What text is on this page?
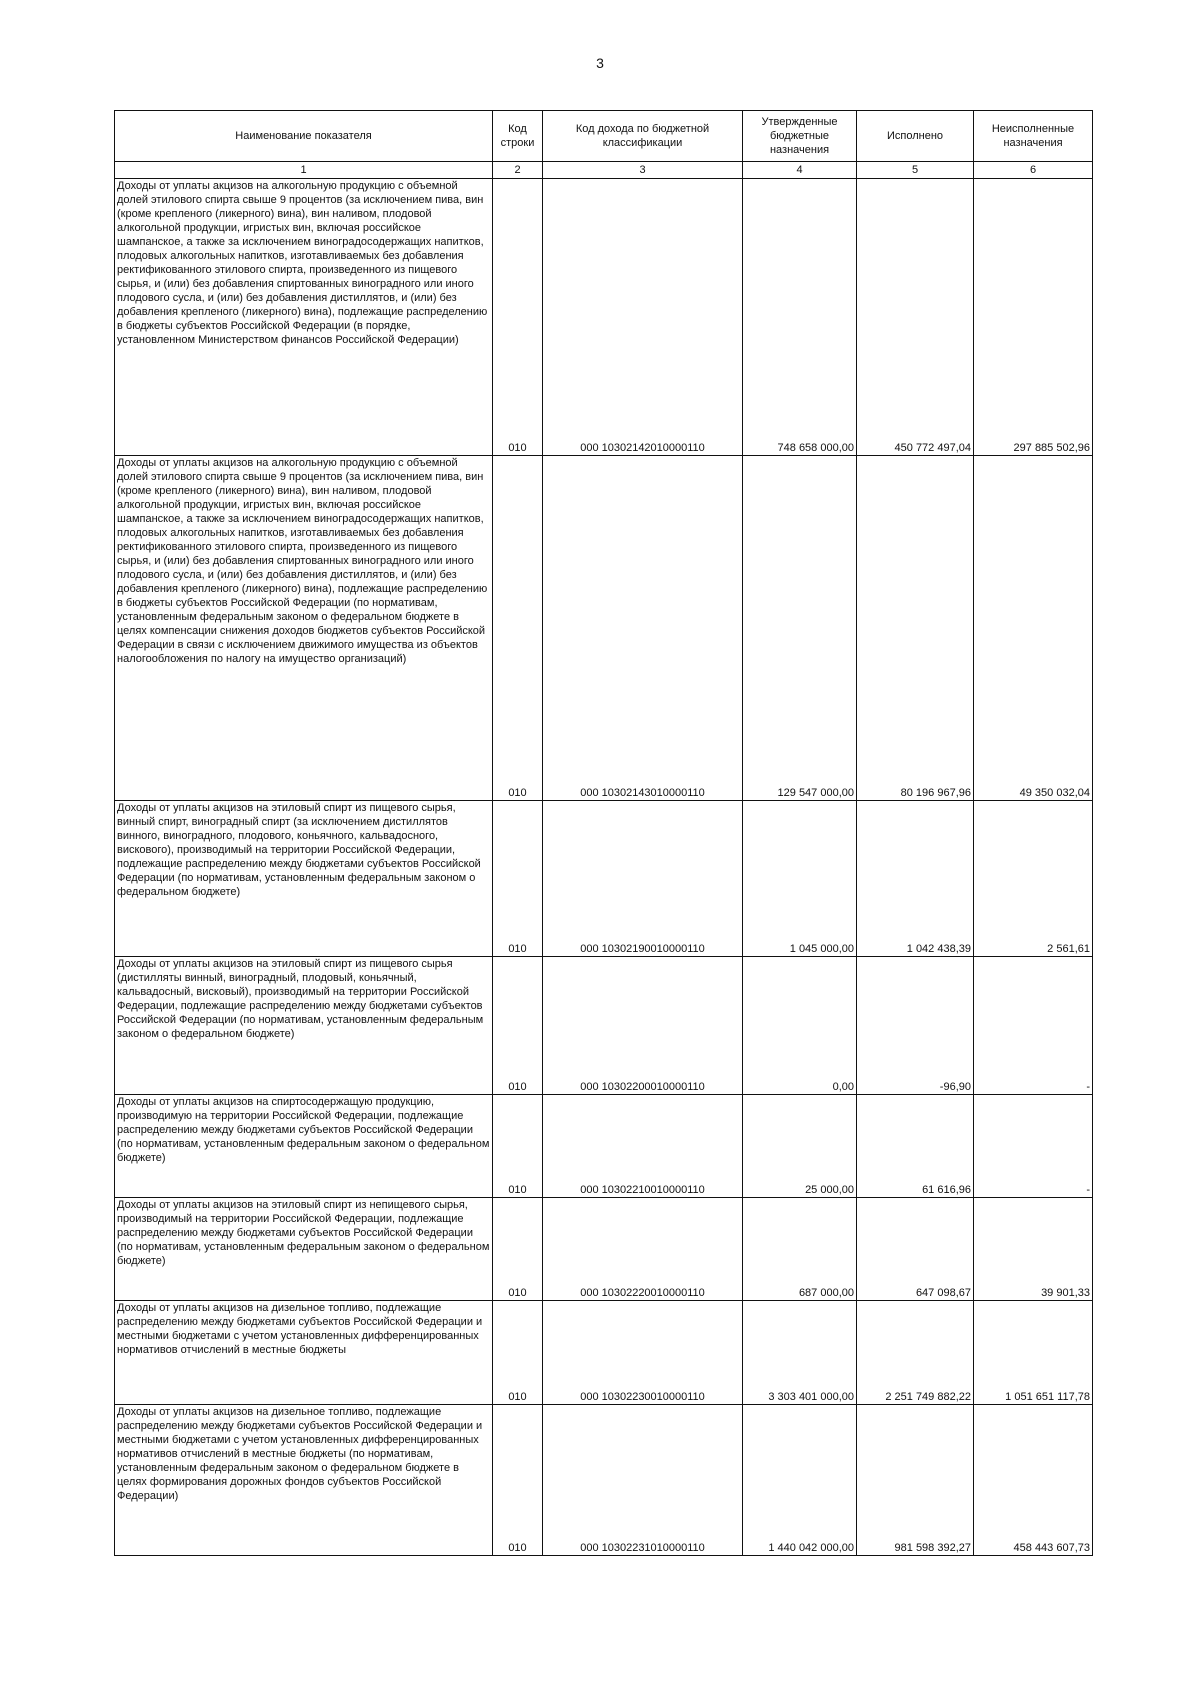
3
Наименование показателя	Код строки	Код дохода по бюджетной классификации	Утвержденные бюджетные назначения	Исполнено	Неисполненные назначения
1	2	3	4	5	6
Доходы от уплаты акцизов на алкогольную продукцию с объемной долей этилового спирта свыше 9 процентов (за исключением пива, вин (кроме крепленого (ликерного) вина), вин наливом, плодовой алкогольной продукции, игристых вин, включая российское шампанское, а также за исключением виноградосодержащих напитков, плодовых алкогольных напитков, изготавливаемых без добавления ректификованного этилового спирта, произведенного из пищевого сырья, и (или) без добавления спиртованных виноградного или иного плодового сусла, и (или) без добавления дистиллятов, и (или) без добавления крепленого (ликерного) вина), подлежащие распределению в бюджеты субъектов Российской Федерации (в порядке, установленном Министерством финансов Российской Федерации)	010	000 10302142010000110	748 658 000,00	450 772 497,04	297 885 502,96
Доходы от уплаты акцизов на алкогольную продукцию с объемной долей этилового спирта свыше 9 процентов (за исключением пива, вин (кроме крепленого (ликерного) вина), вин наливом, плодовой алкогольной продукции, игристых вин, включая российское шампанское, а также за исключением виноградосодержащих напитков, плодовых алкогольных напитков, изготавливаемых без добавления ректификованного этилового спирта, произведенного из пищевого сырья, и (или) без добавления спиртованных виноградного или иного плодового сусла, и (или) без добавления дистиллятов, и (или) без добавления крепленого (ликерного) вина), подлежащие распределению в бюджеты субъектов Российской Федерации (по нормативам, установленным федеральным законом о федеральном бюджете в целях компенсации снижения доходов бюджетов субъектов Российской Федерации в связи с исключением движимого имущества из объектов налогообложения по налогу на имущество организаций)	010	000 10302143010000110	129 547 000,00	80 196 967,96	49 350 032,04
Доходы от уплаты акцизов на этиловый спирт из пищевого сырья, винный спирт, виноградный спирт (за исключением дистиллятов винного, виноградного, плодового, коньячного, кальвадосного, вискового), производимый на территории Российской Федерации, подлежащие распределению между бюджетами субъектов Российской Федерации (по нормативам, установленным федеральным законом о федеральном бюджете)	010	000 10302190010000110	1 045 000,00	1 042 438,39	2 561,61
Доходы от уплаты акцизов на этиловый спирт из пищевого сырья (дистилляты винный, виноградный, плодовый, коньячный, кальвадосный, висковый), производимый на территории Российской Федерации, подлежащие распределению между бюджетами субъектов Российской Федерации (по нормативам, установленным федеральным законом о федеральном бюджете)	010	000 10302200010000110	0,00	-96,90	-
Доходы от уплаты акцизов на спиртосодержащую продукцию, производимую на территории Российской Федерации, подлежащие распределению между бюджетами субъектов Российской Федерации (по нормативам, установленным федеральным законом о федеральном бюджете)	010	000 10302210010000110	25 000,00	61 616,96	-
Доходы от уплаты акцизов на этиловый спирт из непищевого сырья, производимый на территории Российской Федерации, подлежащие распределению между бюджетами субъектов Российской Федерации (по нормативам, установленным федеральным законом о федеральном бюджете)	010	000 10302220010000110	687 000,00	647 098,67	39 901,33
Доходы от уплаты акцизов на дизельное топливо, подлежащие распределению между бюджетами субъектов Российской Федерации и местными бюджетами с учетом установленных дифференцированных нормативов отчислений в местные бюджеты	010	000 10302230010000110	3 303 401 000,00	2 251 749 882,22	1 051 651 117,78
Доходы от уплаты акцизов на дизельное топливо, подлежащие распределению между бюджетами субъектов Российской Федерации и местными бюджетами с учетом установленных дифференцированных нормативов отчислений в местные бюджеты (по нормативам, установленным федеральным законом о федеральном бюджете в целях формирования дорожных фондов субъектов Российской Федерации)	010	000 10302231010000110	1 440 042 000,00	981 598 392,27	458 443 607,73
